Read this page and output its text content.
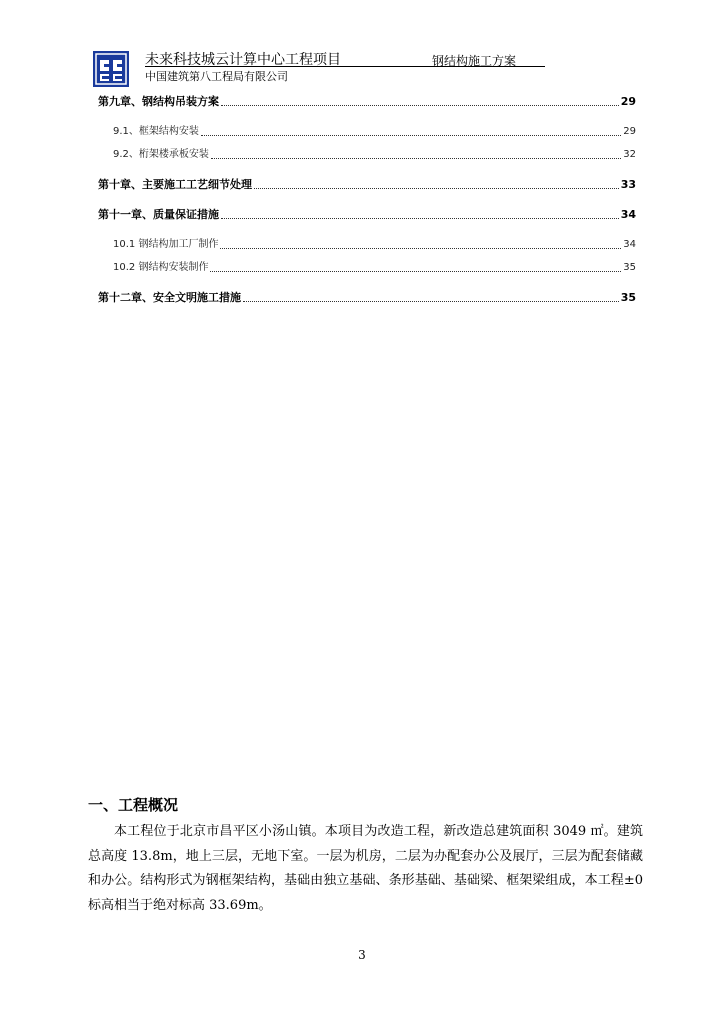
未来科技城云计算中心工程项目
中国建筑第八工程局有限公司
钢结构施工方案
第九章、钢结构吊装方案	29
9.1、框架结构安装	29
9.2、桁架楼承板安装	32
第十章、主要施工工艺细节处理	33
第十一章、质量保证措施	34
10.1 钢结构加工厂制作	34
10.2 钢结构安装制作	35
第十二章、安全文明施工措施	35
一、工程概况

本工程位于北京市昌平区小汤山镇。本项目为改造工程，新改造总建筑面积 3049 ㎡。建筑总高度 13.8m，地上三层，无地下室。一层为机房，二层为办配套办公及展厅，三层为配套储藏和办公。结构形式为钢框架结构，基础由独立基础、条形基础、基础梁、框架梁组成，本工程±0 标高相当于绝对标高 33.69m。

3
